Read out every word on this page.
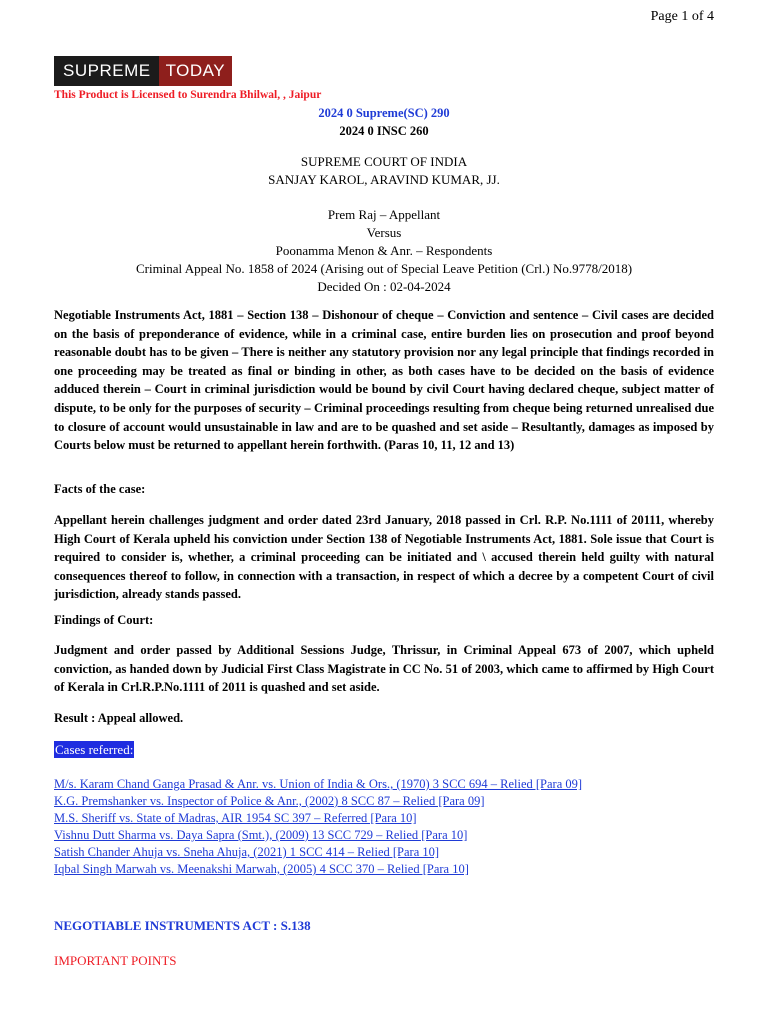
Page 1 of 4
SUPREME TODAY
This Product is Licensed to Surendra Bhilwal, , Jaipur
2024 0 Supreme(SC) 290
2024 0 INSC 260
SUPREME COURT OF INDIA
SANJAY KAROL, ARAVIND KUMAR, JJ.
Prem Raj – Appellant
Versus
Poonamma Menon & Anr. – Respondents
Criminal Appeal No. 1858 of 2024 (Arising out of Special Leave Petition (Crl.) No.9778/2018)
Decided On : 02-04-2024
Negotiable Instruments Act, 1881 – Section 138 – Dishonour of cheque – Conviction and sentence – Civil cases are decided on the basis of preponderance of evidence, while in a criminal case, entire burden lies on prosecution and proof beyond reasonable doubt has to be given – There is neither any statutory provision nor any legal principle that findings recorded in one proceeding may be treated as final or binding in other, as both cases have to be decided on the basis of evidence adduced therein – Court in criminal jurisdiction would be bound by civil Court having declared cheque, subject matter of dispute, to be only for the purposes of security – Criminal proceedings resulting from cheque being returned unrealised due to closure of account would unsustainable in law and are to be quashed and set aside – Resultantly, damages as imposed by Courts below must be returned to appellant herein forthwith. (Paras 10, 11, 12 and 13)
Facts of the case:
Appellant herein challenges judgment and order dated 23rd January, 2018 passed in Crl. R.P. No.1111 of 20111, whereby High Court of Kerala upheld his conviction under Section 138 of Negotiable Instruments Act, 1881. Sole issue that Court is required to consider is, whether, a criminal proceeding can be initiated and \ accused therein held guilty with natural consequences thereof to follow, in connection with a transaction, in respect of which a decree by a competent Court of civil jurisdiction, already stands passed.
Findings of Court:
Judgment and order passed by Additional Sessions Judge, Thrissur, in Criminal Appeal 673 of 2007, which upheld conviction, as handed down by Judicial First Class Magistrate in CC No. 51 of 2003, which came to affirmed by High Court of Kerala in Crl.R.P.No.1111 of 2011 is quashed and set aside.
Result : Appeal allowed.
Cases referred:
M/s. Karam Chand Ganga Prasad & Anr. vs. Union of India & Ors., (1970) 3 SCC 694 – Relied [Para 09]
K.G. Premshanker vs. Inspector of Police & Anr., (2002) 8 SCC 87 – Relied [Para 09]
M.S. Sheriff vs. State of Madras, AIR 1954 SC 397 – Referred [Para 10]
Vishnu Dutt Sharma vs. Daya Sapra (Smt.), (2009) 13 SCC 729 – Relied [Para 10]
Satish Chander Ahuja vs. Sneha Ahuja, (2021) 1 SCC 414 – Relied [Para 10]
Iqbal Singh Marwah vs. Meenakshi Marwah, (2005) 4 SCC 370 – Relied [Para 10]
NEGOTIABLE INSTRUMENTS ACT : S.138
IMPORTANT POINTS
